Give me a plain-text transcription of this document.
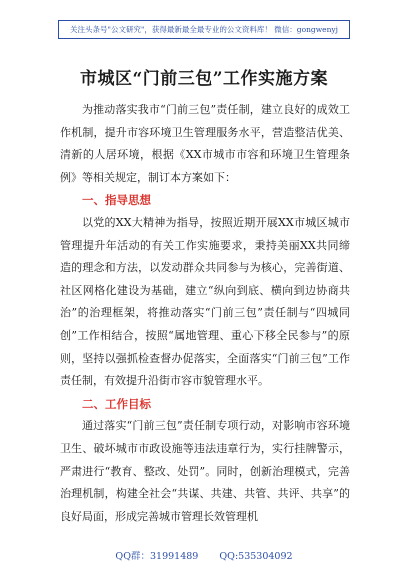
关注头条号"公文研究"，获得最新最全最专业的公文资料库！ 微信：gongwenyj
市城区“门前三包”工作实施方案

为推动落实我市“门前三包”责任制，建立良好的成效工作机制，提升市容环境卫生管理服务水平，营造整洁优美、清新的人居环境，根据《XX市城市市容和环境卫生管理条例》等相关规定，制订本方案如下：

一、指导思想

以党的XX大精神为指导，按照近期开展XX市城区城市管理提升年活动的有关工作实施要求，秉持美丽XX共同缔造的理念和方法，以发动群众共同参与为核心，完善街道、社区网格化建设为基础，建立“纵向到底、横向到边协商共治”的治理框架，将推动落实“门前三包”责任制与“四城同创”工作相结合，按照“属地管理、重心下移全民参与”的原则，坚持以强抓检查督办促落实，全面落实“门前三包”工作责任制，有效提升沿街市容市貌管理水平。

二、工作目标

通过落实“门前三包”责任制专项行动，对影响市容环境卫生、破坏城市市政设施等违法违章行为，实行挂牌警示，严肃进行“教育、整改、处罚”。同时，创新治理模式，完善治理机制，构建全社会“共谋、共建、共管、共评、共享”的良好局面，形成完善城市管理长效管理机

QQ群：31991489 QQ:535304092
